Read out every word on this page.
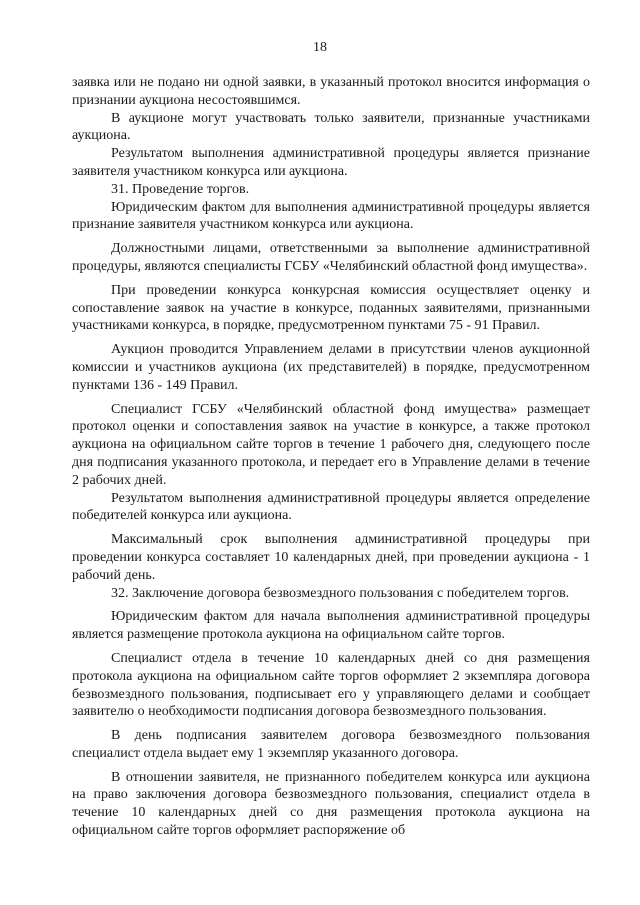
18

заявка или не подано ни одной заявки, в указанный протокол вносится информация о признании аукциона несостоявшимся.

В аукционе могут участвовать только заявители, признанные участниками аукциона.

Результатом выполнения административной процедуры является признание заявителя участником конкурса или аукциона.

31. Проведение торгов.

Юридическим фактом для выполнения административной процедуры является признание заявителя участником конкурса или аукциона.

Должностными лицами, ответственными за выполнение административной процедуры, являются специалисты ГСБУ «Челябинский областной фонд имущества».

При проведении конкурса конкурсная комиссия осуществляет оценку и сопоставление заявок на участие в конкурсе, поданных заявителями, признанными участниками конкурса, в порядке, предусмотренном пунктами 75 - 91 Правил.

Аукцион проводится Управлением делами в присутствии членов аукционной комиссии и участников аукциона (их представителей) в порядке, предусмотренном пунктами 136 - 149 Правил.

Специалист ГСБУ «Челябинский областной фонд имущества» размещает протокол оценки и сопоставления заявок на участие в конкурсе, а также протокол аукциона на официальном сайте торгов в течение 1 рабочего дня, следующего после дня подписания указанного протокола, и передает его в Управление делами в течение 2 рабочих дней.

Результатом выполнения административной процедуры является определение победителей конкурса или аукциона.

Максимальный срок выполнения административной процедуры при проведении конкурса составляет 10 календарных дней, при проведении аукциона - 1 рабочий день.

32. Заключение договора безвозмездного пользования с победителем торгов.

Юридическим фактом для начала выполнения административной процедуры является размещение протокола аукциона на официальном сайте торгов.

Специалист отдела в течение 10 календарных дней со дня размещения протокола аукциона на официальном сайте торгов оформляет 2 экземпляра договора безвозмездного пользования, подписывает его у управляющего делами и сообщает заявителю о необходимости подписания договора безвозмездного пользования.

В день подписания заявителем договора безвозмездного пользования специалист отдела выдает ему 1 экземпляр указанного договора.

В отношении заявителя, не признанного победителем конкурса или аукциона на право заключения договора безвозмездного пользования, специалист отдела в течение 10 календарных дней со дня размещения протокола аукциона на официальном сайте торгов оформляет распоряжение об
